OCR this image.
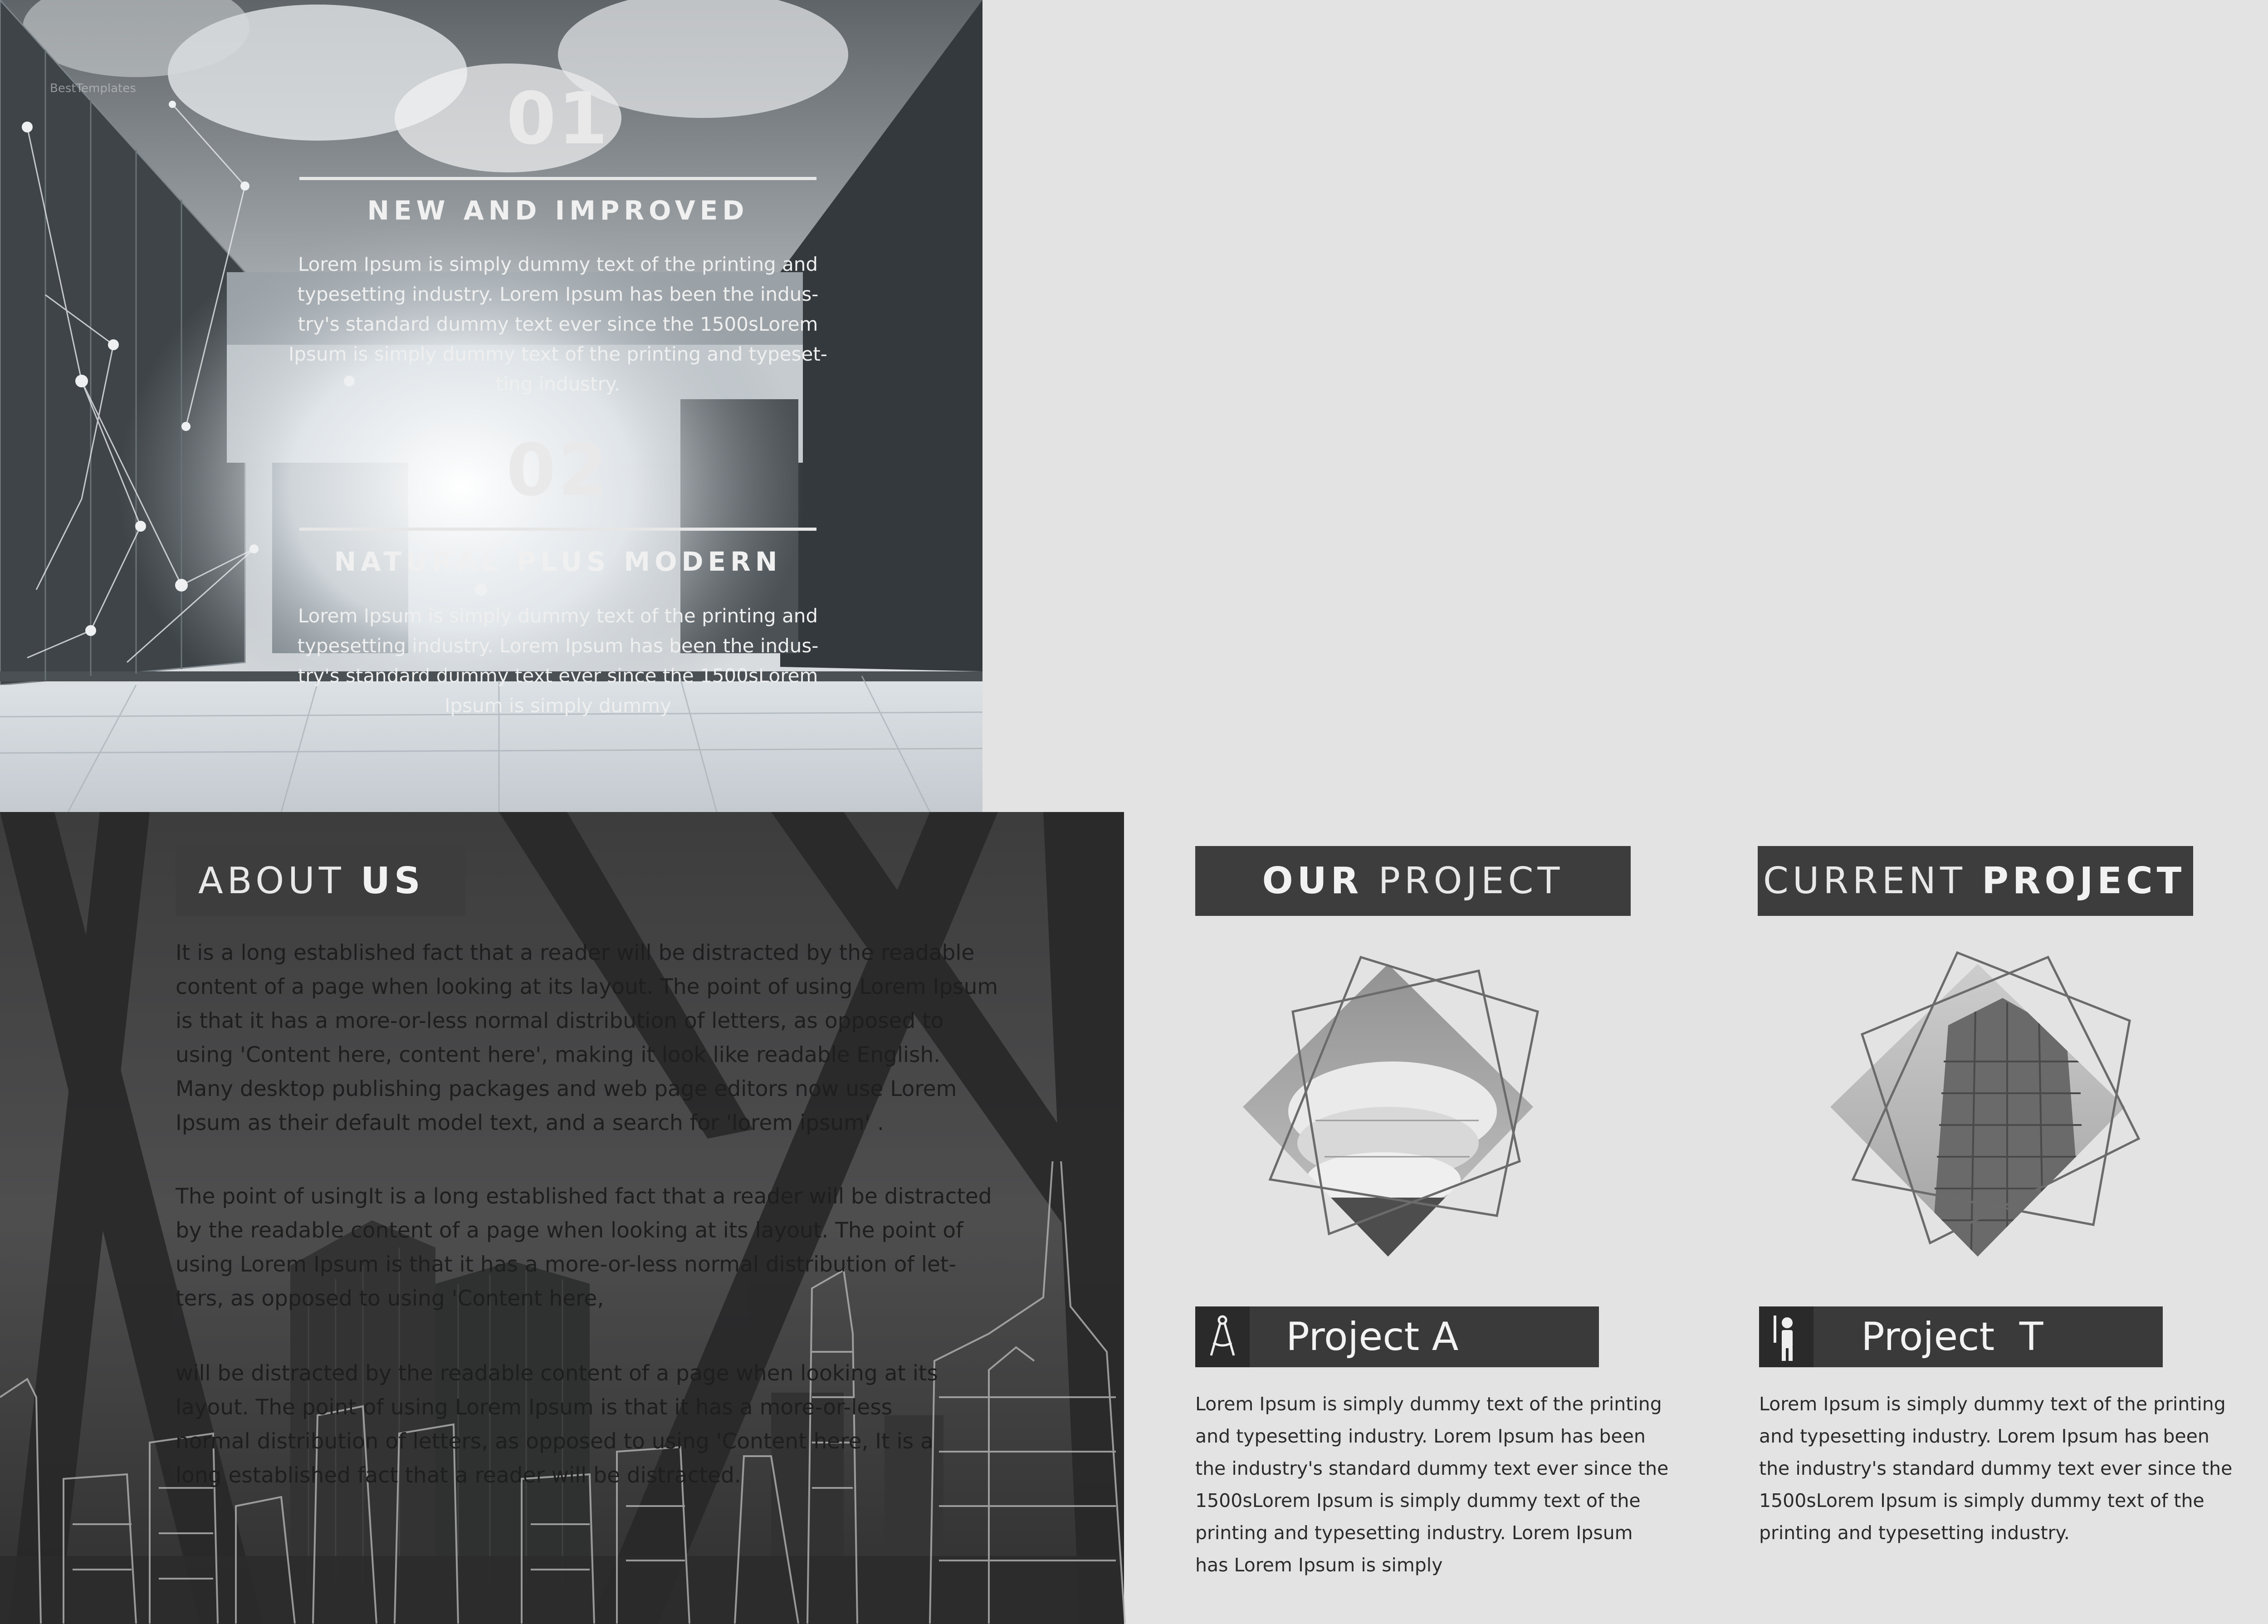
01
NEW AND IMPROVED

Lorem Ipsum is simply dummy text of the printing and

typesetting industry. Lorem Ipsum has been the indus-

try's standard dummy text ever since the 1500sLorem

Ipsum is simply dummy text of the printing and typeset-

ting industry.

02
NATURAL PLUS MODERN

Lorem Ipsum is simply dummy text of the printing and

typesetting industry. Lorem Ipsum has been the indus-

try's standard dummy text ever since the 1500sLorem

Ipsum is simply dummy

ABOUT US

It is a long established fact that a reader will be distracted by the readable

content of a page when looking at its layout. The point of using Lorem Ipsum

is that it has a more-or-less normal distribution of letters, as opposed to

using 'Content here, content here', making it look like readable English.

Many desktop publishing packages and web page editors now use Lorem

Ipsum as their default model text, and a search for 'lorem ipsum' .

The point of usingIt is a long established fact that a reader will be distracted

by the readable content of a page when looking at its layout. The point of

using Lorem Ipsum is that it has a more-or-less normal distribution of let-

ters, as opposed to using 'Content here,

will be distracted by the readable content of a page when looking at its

layout. The point of using Lorem Ipsum is that it has a more-or-less

normal distribution of letters, as opposed to using 'Content here, It is a

long established fact that a reader will be distracted.

OUR PROJECT
Project A
Lorem Ipsum is simply dummy text of the printing
and typesetting industry. Lorem Ipsum has been
the industry's standard dummy text ever since the
1500sLorem Ipsum is simply dummy text of the
printing and typesetting industry. Lorem Ipsum
has Lorem Ipsum is simply
CURRENT PROJECT
Project  T
Lorem Ipsum is simply dummy text of the printing
and typesetting industry. Lorem Ipsum has been
the industry's standard dummy text ever since the
1500sLorem Ipsum is simply dummy text of the
printing and typesetting industry.
BestTemplates
